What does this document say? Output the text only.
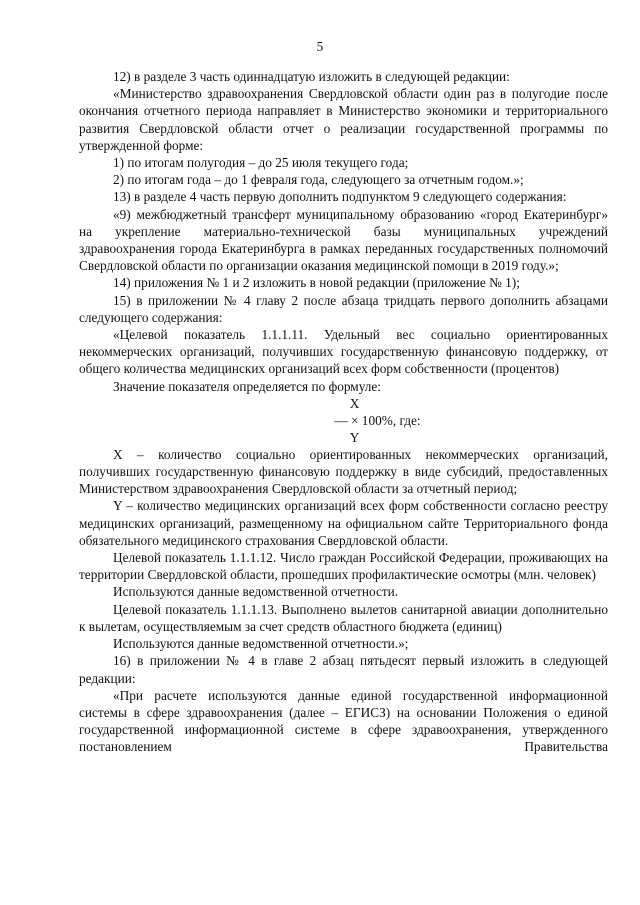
5

12) в разделе 3 часть одиннадцатую изложить в следующей редакции:

«Министерство здравоохранения Свердловской области один раз в полугодие после окончания отчетного периода направляет в Министерство экономики и территориального развития Свердловской области отчет о реализации государственной программы по утвержденной форме:

1) по итогам полугодия – до 25 июля текущего года;

2) по итогам года – до 1 февраля года, следующего за отчетным годом.»;

13) в разделе 4 часть первую дополнить подпунктом 9 следующего содержания:

«9) межбюджетный трансферт муниципальному образованию «город Екатеринбург» на укрепление материально-технической базы муниципальных учреждений здравоохранения города Екатеринбурга в рамках переданных государственных полномочий Свердловской области по организации оказания медицинской помощи в 2019 году.»;

14) приложения № 1 и 2 изложить в новой редакции (приложение № 1);

15) в приложении № 4 главу 2 после абзаца тридцать первого дополнить абзацами следующего содержания:

«Целевой показатель 1.1.1.11. Удельный вес социально ориентированных некоммерческих организаций, получивших государственную финансовую поддержку, от общего количества медицинских организаций всех форм собственности (процентов)

Значение показателя определяется по формуле:

X
— × 100%, где:
Y

X – количество социально ориентированных некоммерческих организаций, получивших государственную финансовую поддержку в виде субсидий, предоставленных Министерством здравоохранения Свердловской области за отчетный период;

Y – количество медицинских организаций всех форм собственности согласно реестру медицинских организаций, размещенному на официальном сайте Территориального фонда обязательного медицинского страхования Свердловской области.

Целевой показатель 1.1.1.12. Число граждан Российской Федерации, проживающих на территории Свердловской области, прошедших профилактические осмотры (млн. человек)

Используются данные ведомственной отчетности.

Целевой показатель 1.1.1.13. Выполнено вылетов санитарной авиации дополнительно к вылетам, осуществляемым за счет средств областного бюджета (единиц)

Используются данные ведомственной отчетности.»;

16) в приложении № 4 в главе 2 абзац пятьдесят первый изложить в следующей редакции:

«При расчете используются данные единой государственной информационной системы в сфере здравоохранения (далее – ЕГИСЗ) на основании Положения о единой государственной информационной системе в сфере здравоохранения, утвержденного постановлением Правительства
